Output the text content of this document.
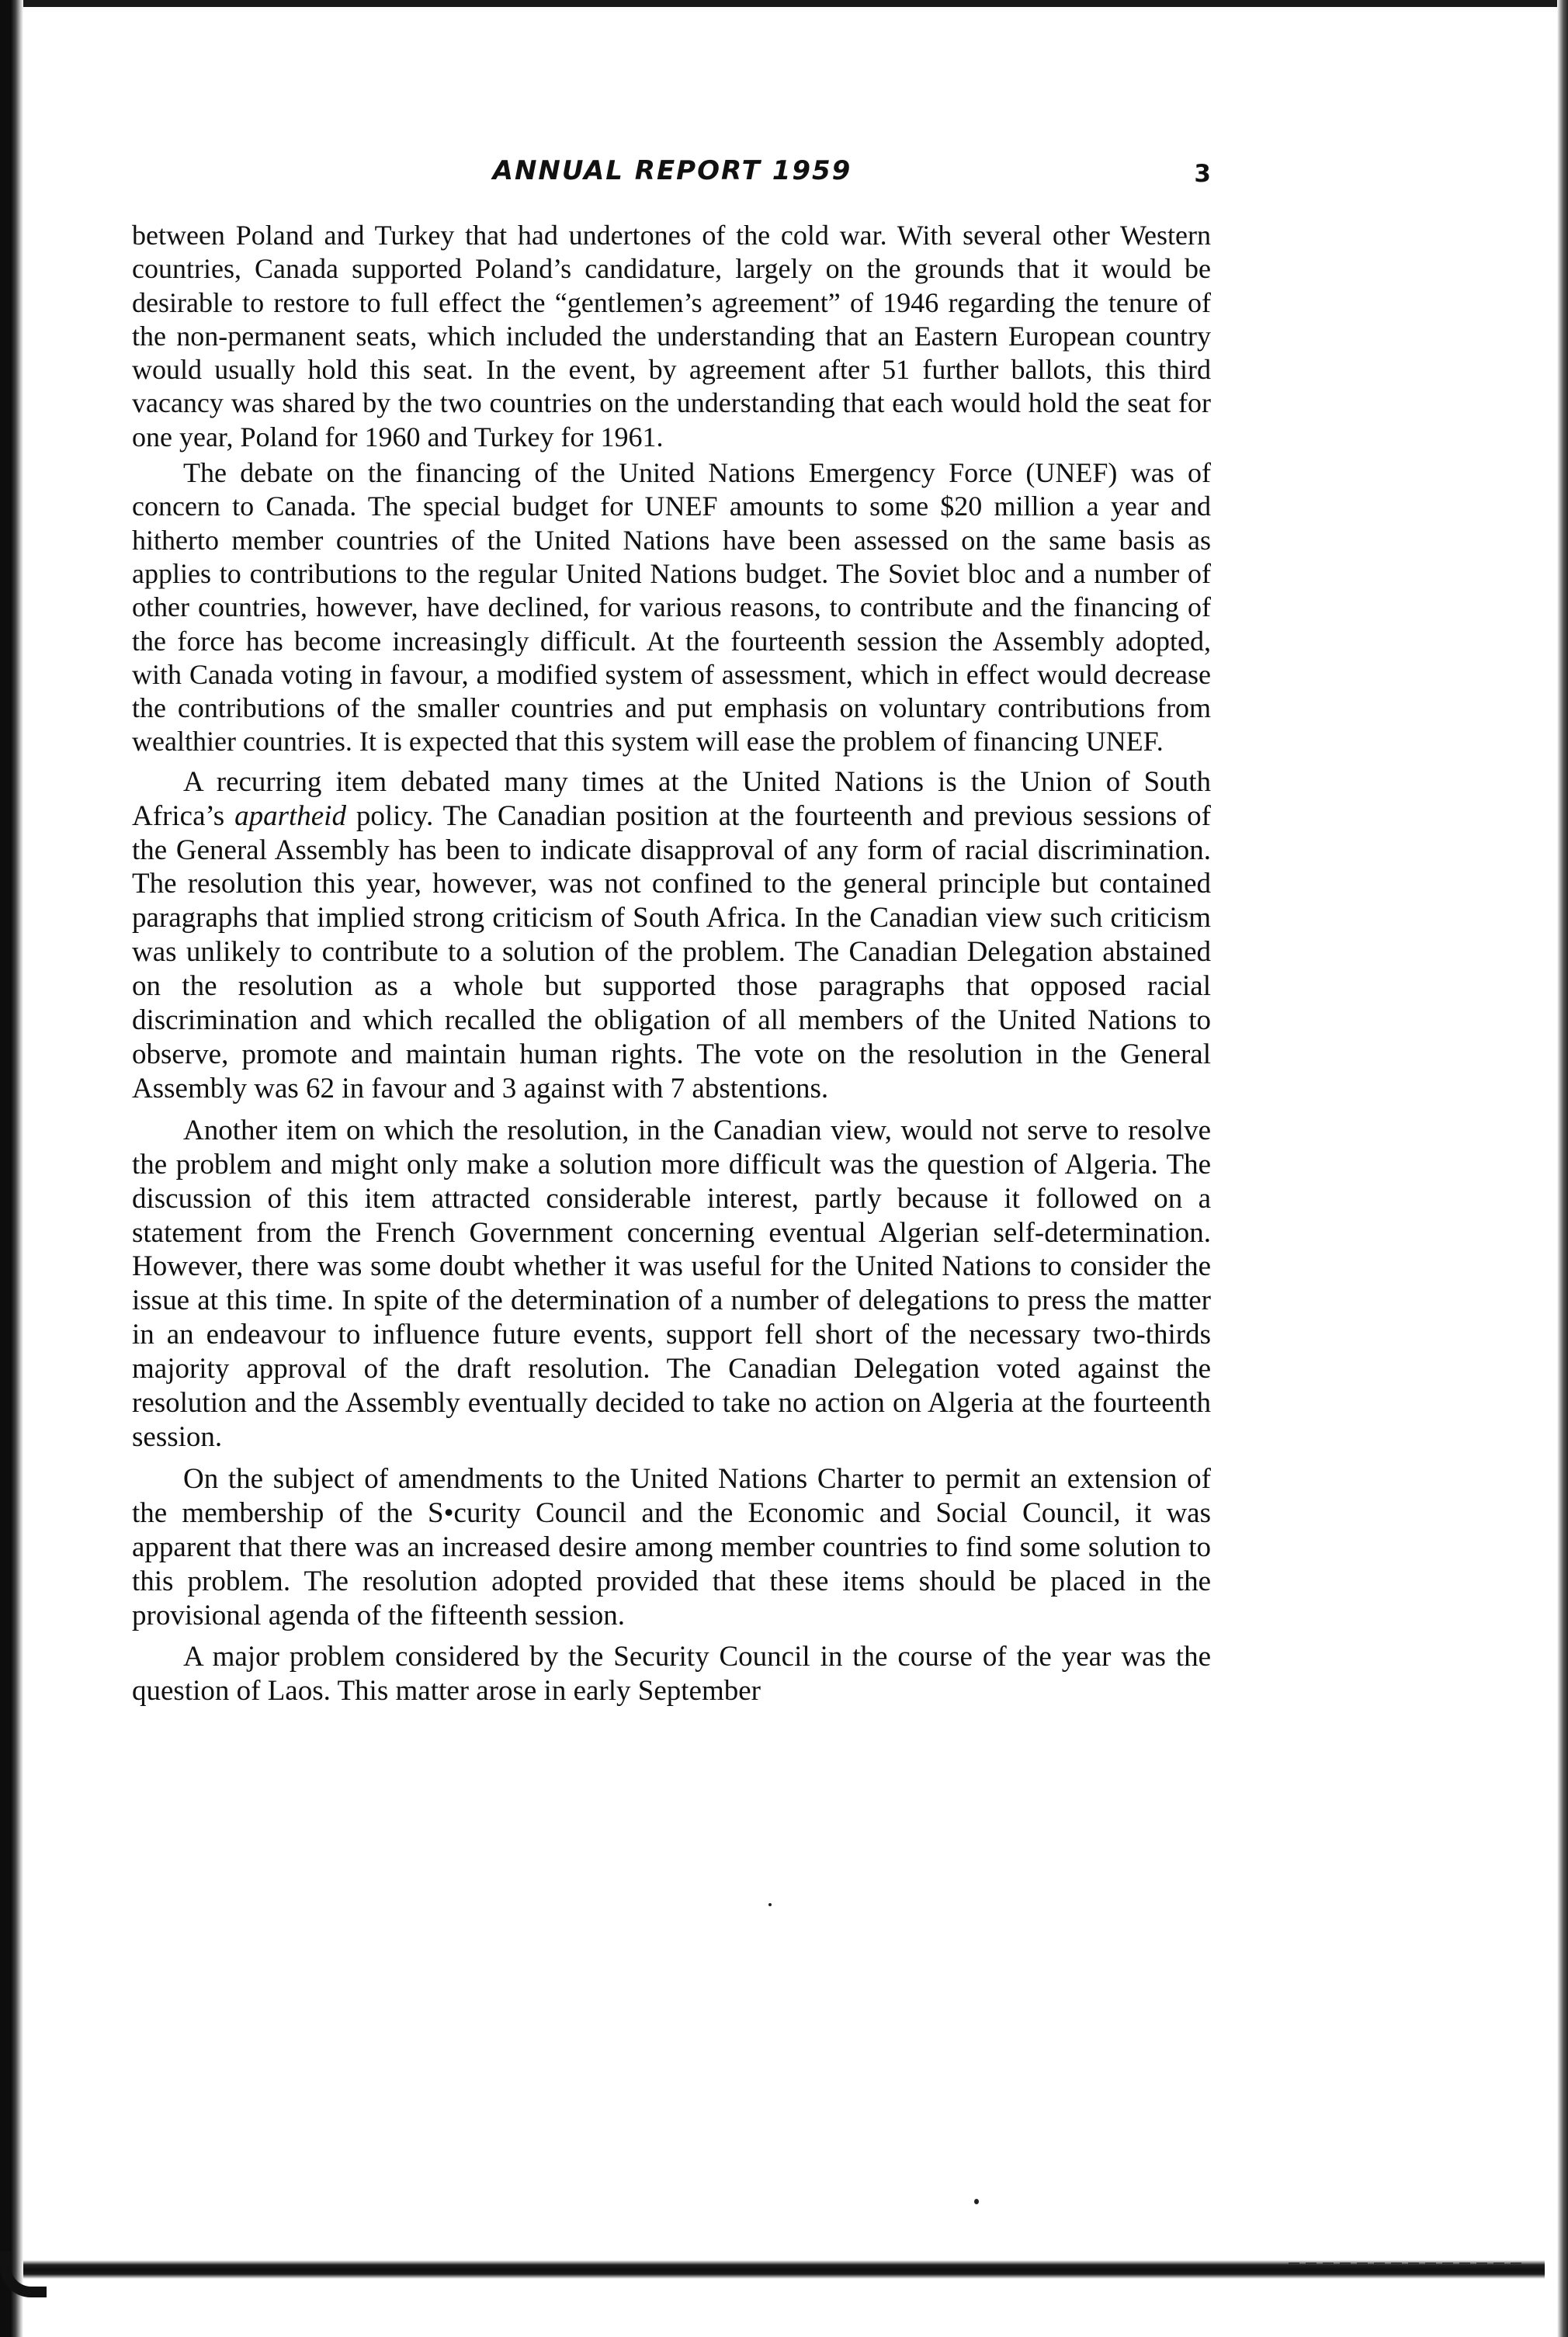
ANNUAL REPORT 1959	3

between Poland and Turkey that had undertones of the cold war. With several other Western countries, Canada supported Poland’s candidature, largely on the grounds that it would be desirable to restore to full effect the “gentlemen’s agreement” of 1946 regarding the tenure of the non-permanent seats, which included the understanding that an Eastern European country would usually hold this seat. In the event, by agreement after 51 further ballots, this third vacancy was shared by the two countries on the understanding that each would hold the seat for one year, Poland for 1960 and Turkey for 1961.

The debate on the financing of the United Nations Emergency Force (UNEF) was of concern to Canada. The special budget for UNEF amounts to some $20 million a year and hitherto member countries of the United Nations have been assessed on the same basis as applies to contributions to the regular United Nations budget. The Soviet bloc and a number of other countries, however, have declined, for various reasons, to contribute and the financing of the force has become increasingly difficult. At the fourteenth session the Assembly adopted, with Canada voting in favour, a modified system of assessment, which in effect would decrease the contributions of the smaller countries and put emphasis on voluntary contributions from wealthier countries. It is expected that this system will ease the problem of financing UNEF.

A recurring item debated many times at the United Nations is the Union of South Africa’s apartheid policy. The Canadian position at the fourteenth and previous sessions of the General Assembly has been to indicate disapproval of any form of racial discrimination. The resolution this year, however, was not confined to the general principle but contained paragraphs that implied strong criticism of South Africa. In the Canadian view such criticism was unlikely to contribute to a solution of the problem. The Canadian Delegation abstained on the resolution as a whole but supported those paragraphs that opposed racial discrimination and which recalled the obligation of all members of the United Nations to observe, promote and maintain human rights. The vote on the resolution in the General Assembly was 62 in favour and 3 against with 7 abstentions.

Another item on which the resolution, in the Canadian view, would not serve to resolve the problem and might only make a solution more difficult was the question of Algeria. The discussion of this item attracted considerable interest, partly because it followed on a statement from the French Government concerning eventual Algerian self-determination. However, there was some doubt whether it was useful for the United Nations to consider the issue at this time. In spite of the determination of a number of delegations to press the matter in an endeavour to influence future events, support fell short of the necessary two-thirds majority approval of the draft resolution. The Canadian Delegation voted against the resolution and the Assembly eventually decided to take no action on Algeria at the fourteenth session.

On the subject of amendments to the United Nations Charter to permit an extension of the membership of the S•curity Council and the Economic and Social Council, it was apparent that there was an increased desire among member countries to find some solution to this problem. The resolution adopted provided that these items should be placed in the provisional agenda of the fifteenth session.

A major problem considered by the Security Council in the course of the year was the question of Laos. This matter arose in early September
